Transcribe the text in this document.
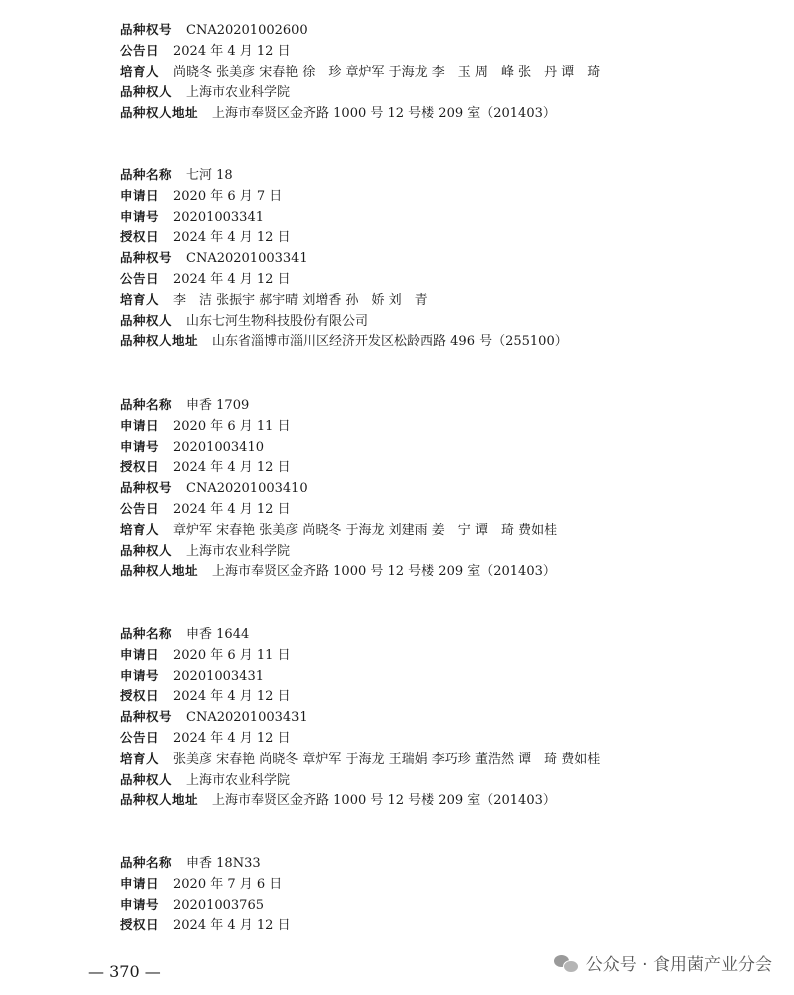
品种权号 CNA20201002600
公告日 2024 年 4 月 12 日
培育人 尚晓冬 张美彦 宋春艳 徐　珍 章炉军 于海龙 李　玉 周　峰 张　丹 谭　琦
品种权人 上海市农业科学院
品种权人地址 上海市奉贤区金齐路 1000 号 12 号楼 209 室（201403）
品种名称 七河 18
申请日 2020 年 6 月 7 日
申请号 20201003341
授权日 2024 年 4 月 12 日
品种权号 CNA20201003341
公告日 2024 年 4 月 12 日
培育人 李　洁 张振宇 郝宇晴 刘增香 孙　娇 刘　青
品种权人 山东七河生物科技股份有限公司
品种权人地址 山东省淄博市淄川区经济开发区松龄西路 496 号（255100）
品种名称 申香 1709
申请日 2020 年 6 月 11 日
申请号 20201003410
授权日 2024 年 4 月 12 日
品种权号 CNA20201003410
公告日 2024 年 4 月 12 日
培育人 章炉军 宋春艳 张美彦 尚晓冬 于海龙 刘建雨 姜　宁 谭　琦 费如桂
品种权人 上海市农业科学院
品种权人地址 上海市奉贤区金齐路 1000 号 12 号楼 209 室（201403）
品种名称 申香 1644
申请日 2020 年 6 月 11 日
申请号 20201003431
授权日 2024 年 4 月 12 日
品种权号 CNA20201003431
公告日 2024 年 4 月 12 日
培育人 张美彦 宋春艳 尚晓冬 章炉军 于海龙 王瑞娟 李巧珍 董浩然 谭　琦 费如桂
品种权人 上海市农业科学院
品种权人地址 上海市奉贤区金齐路 1000 号 12 号楼 209 室（201403）
品种名称 申香 18N33
申请日 2020 年 7 月 6 日
申请号 20201003765
授权日 2024 年 4 月 12 日
— 370 —	公众号 · 食用菌产业分会
